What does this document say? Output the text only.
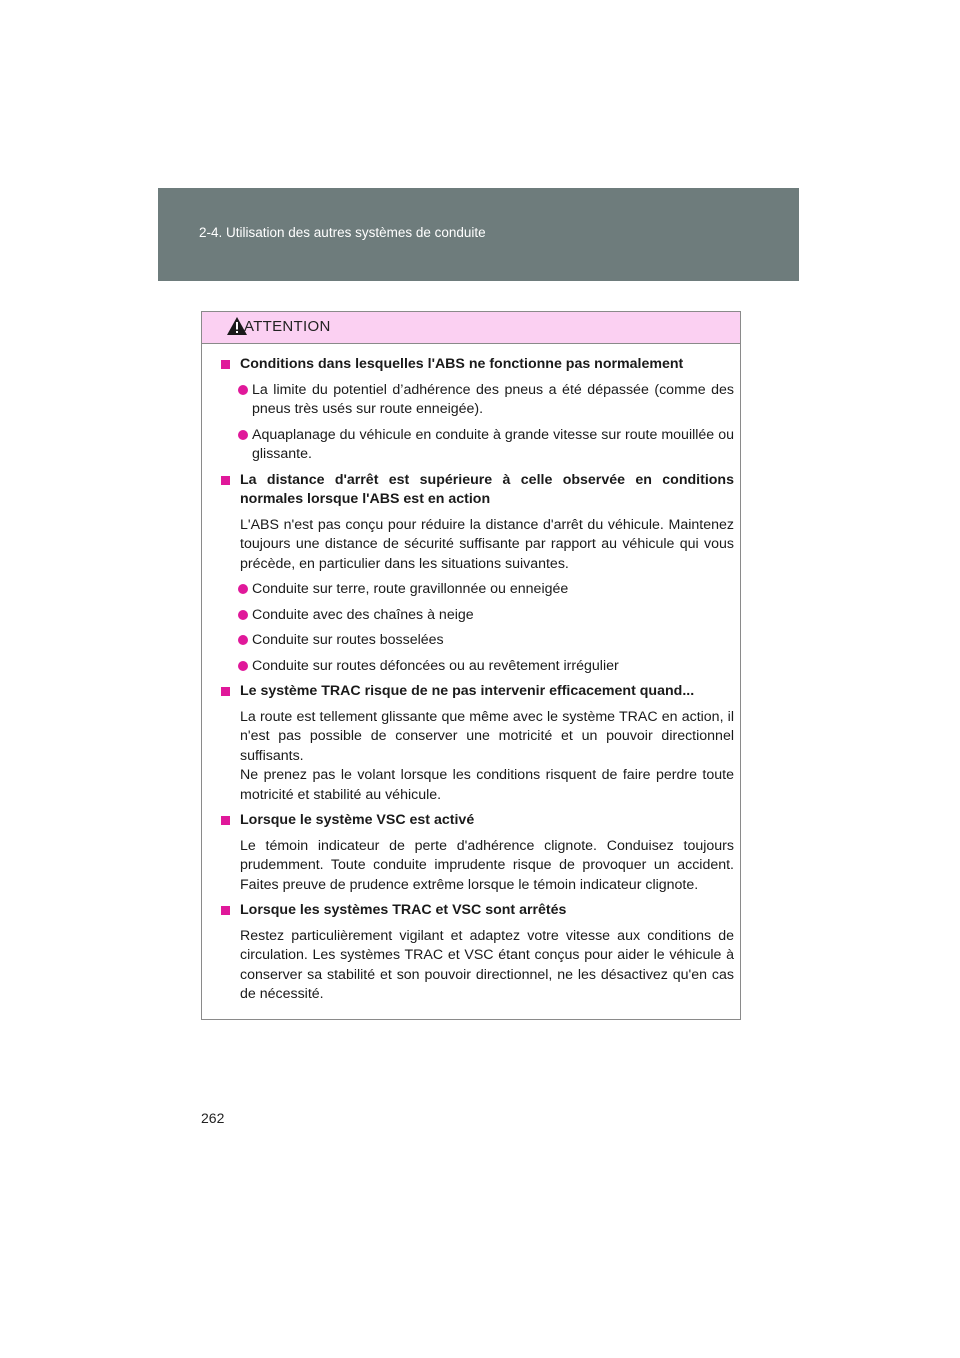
2-4. Utilisation des autres systèmes de conduite
ATTENTION
Conditions dans lesquelles l'ABS ne fonctionne pas normalement
La limite du potentiel d’adhérence des pneus a été dépassée (comme des pneus très usés sur route enneigée).
Aquaplanage du véhicule en conduite à grande vitesse sur route mouillée ou glissante.
La distance d'arrêt est supérieure à celle observée en conditions normales lorsque l'ABS est en action
L'ABS n'est pas conçu pour réduire la distance d'arrêt du véhicule. Maintenez toujours une distance de sécurité suffisante par rapport au véhicule qui vous précède, en particulier dans les situations suivantes.
Conduite sur terre, route gravillonnée ou enneigée
Conduite avec des chaînes à neige
Conduite sur routes bosselées
Conduite sur routes défoncées ou au revêtement irrégulier
Le système TRAC risque de ne pas intervenir efficacement quand...
La route est tellement glissante que même avec le système TRAC en action, il n'est pas possible de conserver une motricité et un pouvoir directionnel suffisants.
Ne prenez pas le volant lorsque les conditions risquent de faire perdre toute motricité et stabilité au véhicule.
Lorsque le système VSC est activé
Le témoin indicateur de perte d'adhérence clignote. Conduisez toujours prudemment. Toute conduite imprudente risque de provoquer un accident. Faites preuve de prudence extrême lorsque le témoin indicateur clignote.
Lorsque les systèmes TRAC et VSC sont arrêtés
Restez particulièrement vigilant et adaptez votre vitesse aux conditions de circulation. Les systèmes TRAC et VSC étant conçus pour aider le véhicule à conserver sa stabilité et son pouvoir directionnel, ne les désactivez qu'en cas de nécessité.
262
